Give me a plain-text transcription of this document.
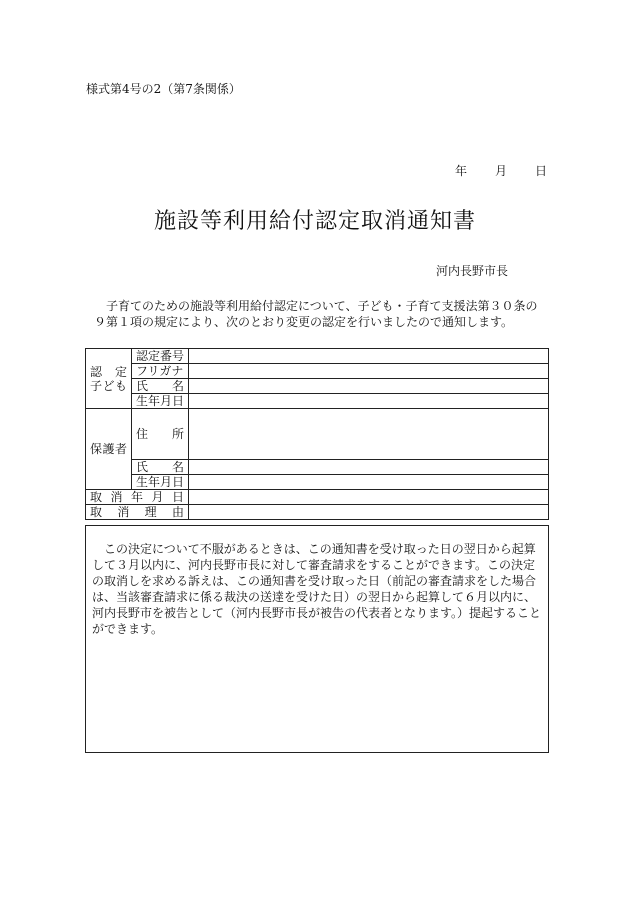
様式第4号の2（第7条関係）
年	月	日
施設等利用給付認定取消通知書
河内長野市長

子育てのための施設等利用給付認定について、子ども・子育て支援法第３０条の

９第１項の規定により、次のとおり変更の認定を行いましたので通知します。

認　定
子ども	認定番号	
	フリガナ	
	氏　名	
	生年月日	

保護者	住　所	
	氏　名	
	生年月日	
取消年月日		
取消理由		

この決定について不服があるときは、この通知書を受け取った日の翌日から起算して３月以内に、河内長野市長に対して審査請求をすることができます。この決定の取消しを求める訴えは、この通知書を受け取った日（前記の審査請求をした場合は、当該審査請求に係る裁決の送達を受けた日）の翌日から起算して６月以内に、河内長野市を被告として（河内長野市長が被告の代表者となります。）提起することができます。
